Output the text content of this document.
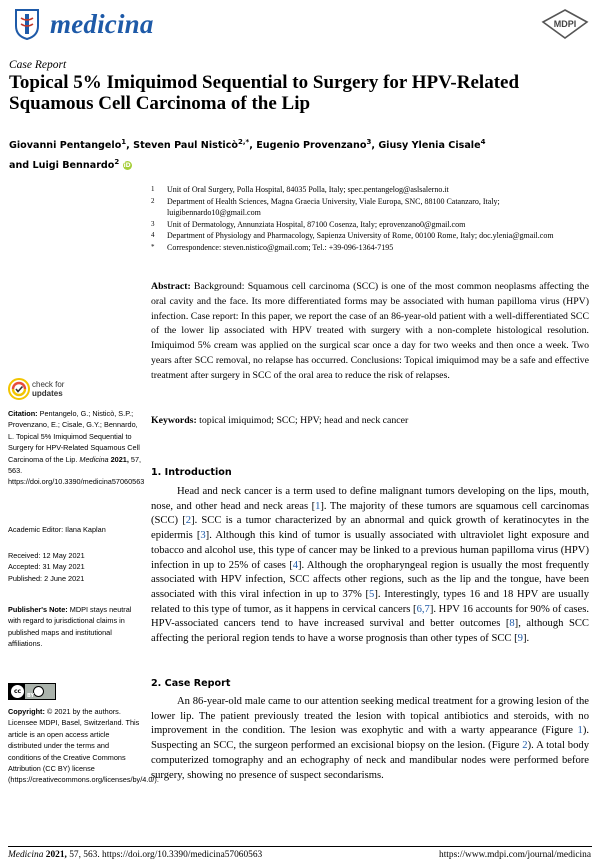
medicina	MDPI
Case Report
Topical 5% Imiquimod Sequential to Surgery for HPV-Related Squamous Cell Carcinoma of the Lip
Giovanni Pentangelo$^1$, Steven Paul Nisticò$^{2,*}$, Eugenio Provenzano$^3$, Giusy Ylenia Cisale$^4$
and Luigi Bennardo$^2$ iD
1	Unit of Oral Surgery, Polla Hospital, 84035 Polla, Italy; spec.pentangelog@aslsalerno.it
2	Department of Health Sciences, Magna Graecia University, Viale Europa, SNC, 88100 Catanzaro, Italy; luigibennardo10@gmail.com
3	Unit of Dermatology, Annunziata Hospital, 87100 Cosenza, Italy; eprovenzano0@gmail.com
4	Department of Physiology and Pharmacology, Sapienza University of Rome, 00100 Rome, Italy; doc.ylenia@gmail.com
*	Correspondence: steven.nistico@gmail.com; Tel.: +39-096-1364-7195
Abstract: Background: Squamous cell carcinoma (SCC) is one of the most common neoplasms affecting the oral cavity and the face. Its more differentiated forms may be associated with human papilloma virus (HPV) infection. Case report: In this paper, we report the case of an 86-year-old patient with a well-differentiated SCC of the lower lip associated with HPV treated with surgery with a non-complete histological resolution. Imiquimod 5% cream was applied on the surgical scar once a day for two weeks and then once a week. Two years after SCC removal, no relapse has occurred. Conclusions: Topical imiquimod may be a safe and effective treatment after surgery in SCC of the oral area to reduce the risk of relapses.
Keywords: topical imiquimod; SCC; HPV; head and neck cancer
check for
updates
Citation: Pentangelo, G.; Nisticò, S.P.; Provenzano, E.; Cisale, G.Y.; Bennardo, L. Topical 5% Imiquimod Sequential to Surgery for HPV-Related Squamous Cell Carcinoma of the Lip. Medicina 2021, 57, 563. https://doi.org/10.3390/medicina57060563
Academic Editor: Ilana Kaplan
Received: 12 May 2021
Accepted: 31 May 2021
Published: 2 June 2021
Publisher's Note: MDPI stays neutral with regard to jurisdictional claims in published maps and institutional affiliations.
cc
BY
Copyright: © 2021 by the authors. Licensee MDPI, Basel, Switzerland. This article is an open access article distributed under the terms and conditions of the Creative Commons Attribution (CC BY) license (https://creativecommons.org/licenses/by/4.0/).
1. Introduction
Head and neck cancer is a term used to define malignant tumors developing on the lips, mouth, nose, and other head and neck areas [1]. The majority of these tumors are squamous cell carcinomas (SCC) [2]. SCC is a tumor characterized by an abnormal and quick growth of keratinocytes in the epidermis [3]. Although this kind of tumor is usually associated with ultraviolet light exposure and tobacco and alcohol use, this type of cancer may be linked to a previous human papilloma virus (HPV) infection in up to 25% of cases [4]. Although the oropharyngeal region is usually the most frequently associated with HPV infection, SCC affects other regions, such as the lip and the tongue, have been associated with this viral infection in up to 37% [5]. Interestingly, types 16 and 18 HPV are usually related to this type of tumor, as it happens in cervical cancers [6,7]. HPV 16 accounts for 90% of cases. HPV-associated cancers tend to have increased survival and better outcomes [8], although SCC affecting the perioral region tends to have a worse prognosis than other types of SCC [9].
2. Case Report
An 86-year-old male came to our attention seeking medical treatment for a growing lesion of the lower lip. The patient previously treated the lesion with topical antibiotics and steroids, with no improvement in the condition. The lesion was exophytic and with a warty appearance (Figure 1). Suspecting an SCC, the surgeon performed an excisional biopsy on the lesion. (Figure 2). A total body computerized tomography and an echography of neck and mandibular nodes were performed before surgery, showing no presence of suspect secondarisms.
Medicina 2021, 57, 563. https://doi.org/10.3390/medicina57060563	https://www.mdpi.com/journal/medicina
